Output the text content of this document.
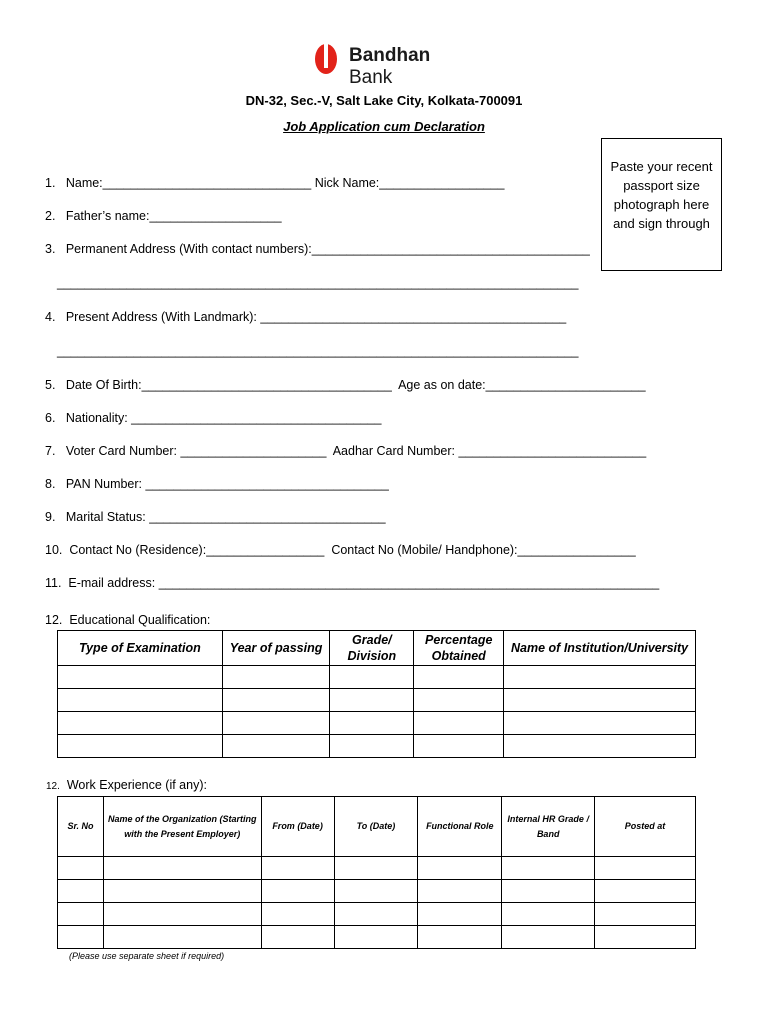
Bandhan Bank
DN-32, Sec.-V, Salt Lake City, Kolkata-700091
Job Application cum Declaration
Paste your recent passport size photograph here and sign through
1.   Name:______________________________ Nick Name:__________________
2.   Father’s name:___________________
3.   Permanent Address (With contact numbers):________________________________________
___________________________________________________________________________
4.   Present Address (With Landmark): ____________________________________________
___________________________________________________________________________
5.   Date Of Birth:____________________________________  Age as on date:_______________________
6.   Nationality: ____________________________________
7.   Voter Card Number: _____________________  Aadhar Card Number: ___________________________
8.   PAN Number: ___________________________________
9.   Marital Status: __________________________________
10.  Contact No (Residence):_________________  Contact No (Mobile/ Handphone):_________________
11.  E-mail address: ________________________________________________________________________
12.  Educational Qualification:
Type of Examination	Year of passing	Grade/ Division	Percentage Obtained	Name of Institution/University

12. Work Experience (if any):
Sr. No	Name of the Organization (Starting with the Present Employer)	From (Date)	To (Date)	Functional Role	Internal HR Grade / Band	Posted at

(Please use separate sheet if required)
